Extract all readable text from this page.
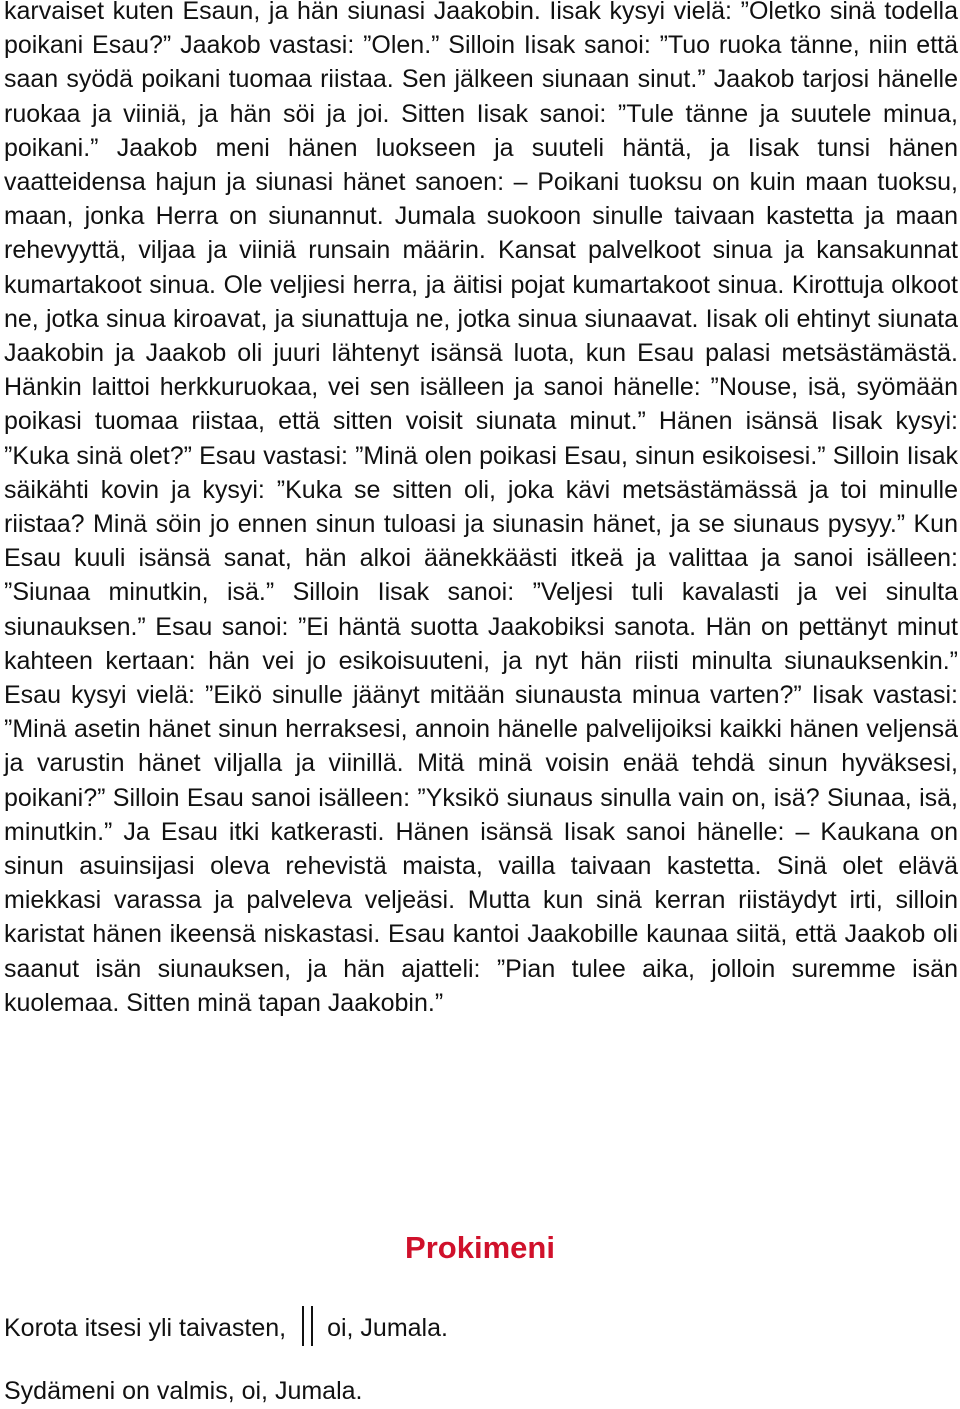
karvaiset kuten Esaun, ja hän siunasi Jaakobin. Iisak kysyi vielä: ”Oletko sinä todella poikani Esau?” Jaakob vastasi: ”Olen.” Silloin Iisak sanoi: ”Tuo ruoka tänne, niin että saan syödä poikani tuomaa riistaa. Sen jälkeen siunaan sinut.” Jaakob tarjosi hänelle ruokaa ja viiniä, ja hän söi ja joi. Sitten Iisak sanoi: ”Tule tänne ja suutele minua, poikani.” Jaakob meni hänen luokseen ja suuteli häntä, ja Iisak tunsi hänen vaatteidensa hajun ja siunasi hänet sanoen: – Poikani tuoksu on kuin maan tuoksu, maan, jonka Herra on siunannut. Jumala suokoon sinulle taivaan kastetta ja maan rehevyyttä, viljaa ja viiniä runsain määrin. Kansat palvelkoot sinua ja kansakunnat kumartakoot sinua. Ole veljiesi herra, ja äitisi pojat kumartakoot sinua. Kirottuja olkoot ne, jotka sinua kiroavat, ja siunattuja ne, jotka sinua siunaavat. Iisak oli ehtinyt siunata Jaakobin ja Jaakob oli juuri lähtenyt isänsä luota, kun Esau palasi metsästämästä. Hänkin laittoi herkkuruokaa, vei sen isälleen ja sanoi hänelle: ”Nouse, isä, syömään poikasi tuomaa riistaa, että sitten voisit siunata minut.” Hänen isänsä Iisak kysyi: ”Kuka sinä olet?” Esau vastasi: ”Minä olen poikasi Esau, sinun esikoisesi.” Silloin Iisak säikähti kovin ja kysyi: ”Kuka se sitten oli, joka kävi metsästämässä ja toi minulle riistaa? Minä söin jo ennen sinun tuloasi ja siunasin hänet, ja se siunaus pysyy.” Kun Esau kuuli isänsä sanat, hän alkoi äänekkäästi itkeä ja valittaa ja sanoi isälleen: ”Siunaa minutkin, isä.” Silloin Iisak sanoi: ”Veljesi tuli kavalasti ja vei sinulta siunauksen.” Esau sanoi: ”Ei häntä suotta Jaakobiksi sanota. Hän on pettänyt minut kahteen kertaan: hän vei jo esikoisuuteni, ja nyt hän riisti minulta siunauksenkin.” Esau kysyi vielä: ”Eikö sinulle jäänyt mitään siunausta minua varten?” Iisak vastasi: ”Minä asetin hänet sinun herraksesi, annoin hänelle palvelijoiksi kaikki hänen veljensä ja varustin hänet viljalla ja viinillä. Mitä minä voisin enää tehdä sinun hyväksesi, poikani?” Silloin Esau sanoi isälleen: ”Yksikö siunaus sinulla vain on, isä? Siunaa, isä, minutkin.” Ja Esau itki katkerasti. Hänen isänsä Iisak sanoi hänelle: – Kaukana on sinun asuinsijasi oleva rehevistä maista, vailla taivaan kastetta. Sinä olet elävä miekkasi varassa ja palveleva veljeäsi. Mutta kun sinä kerran riistäydyt irti, silloin karistat hänen ikeensä niskastasi. Esau kantoi Jaakobille kaunaa siitä, että Jaakob oli saanut isän siunauksen, ja hän ajatteli: ”Pian tulee aika, jolloin suremme isän kuolemaa. Sitten minä tapan Jaakobin.”

Prokimeni

Korota itsesi yli taivasten, oi, Jumala.

Sydämeni on valmis, oi, Jumala.
